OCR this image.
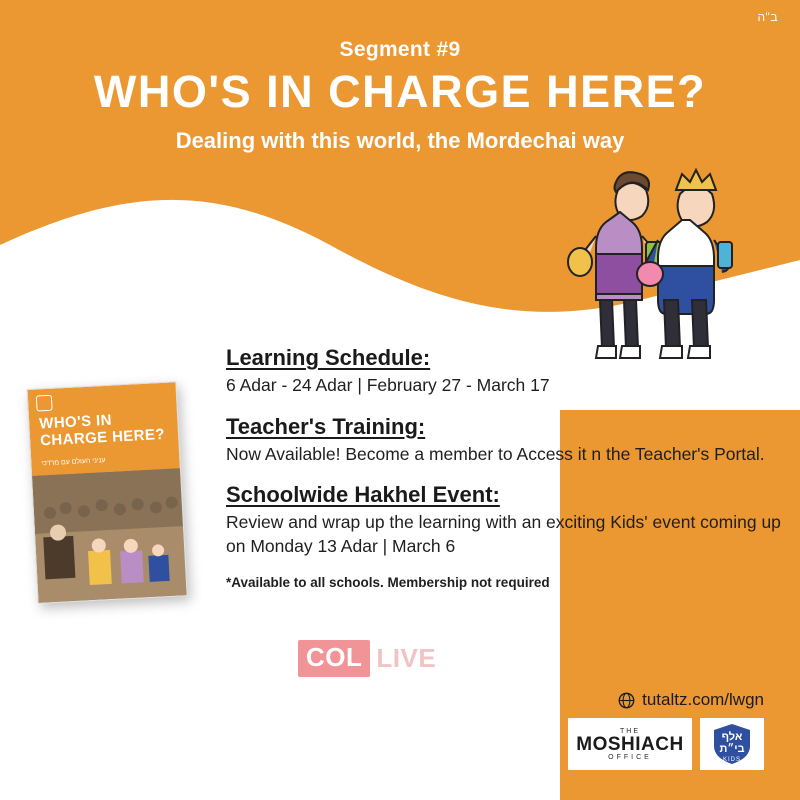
ב"ה
Segment #9
WHO'S IN CHARGE HERE?
Dealing with this world, the Mordechai way
WHO'S IN CHARGE HERE?
עניני העולם עם מרדכי
Learning Schedule:
6 Adar - 24 Adar | February 27 - March 17
Teacher's Training:
Now Available! Become a member to Access it n the Teacher's Portal.
Schoolwide Hakhel Event:
Review and wrap up the learning with an exciting Kids' event coming up on Monday 13 Adar | March 6
*Available to all schools. Membership not required
COL LIVE
tutaltz.com/lwgn
THE
MOSHIACH
OFFICE
אלף
בי״ת
KIDS
